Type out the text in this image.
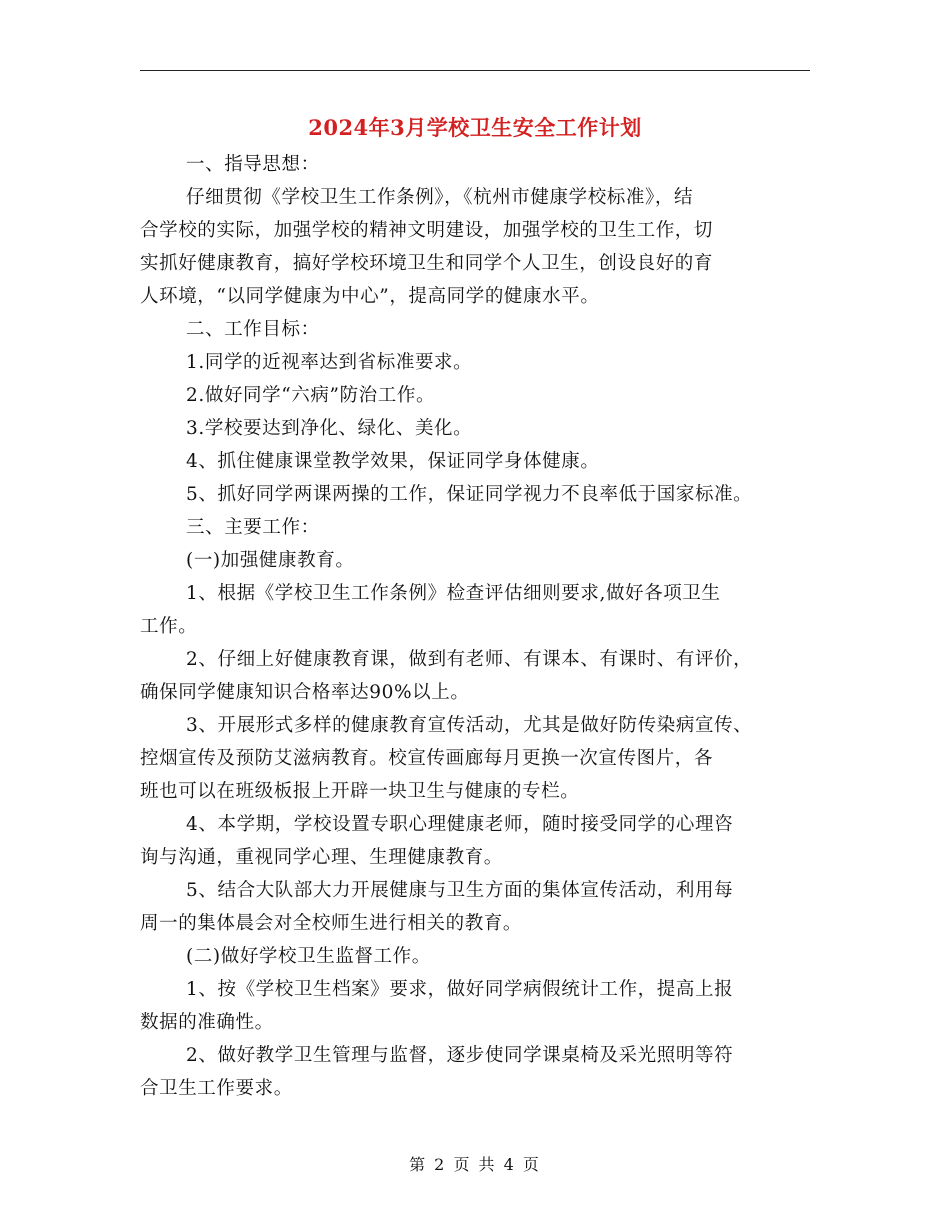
2024年3月学校卫生安全工作计划
一、指导思想：
仔细贯彻《学校卫生工作条例》，《杭州市健康学校标准》，结
合学校的实际，加强学校的精神文明建设，加强学校的卫生工作，切
实抓好健康教育，搞好学校环境卫生和同学个人卫生，创设良好的育
人环境，“以同学健康为中心”，提高同学的健康水平。
二、工作目标：
1.同学的近视率达到省标准要求。
2.做好同学“六病”防治工作。
3.学校要达到净化、绿化、美化。
4、抓住健康课堂教学效果，保证同学身体健康。
5、抓好同学两课两操的工作，保证同学视力不良率低于国家标准。
三、主要工作：
(一)加强健康教育。
1、根据《学校卫生工作条例》检查评估细则要求,做好各项卫生
工作。
2、仔细上好健康教育课，做到有老师、有课本、有课时、有评价，
确保同学健康知识合格率达90%以上。
3、开展形式多样的健康教育宣传活动，尤其是做好防传染病宣传、
控烟宣传及预防艾滋病教育。校宣传画廊每月更换一次宣传图片，各
班也可以在班级板报上开辟一块卫生与健康的专栏。
4、本学期，学校设置专职心理健康老师，随时接受同学的心理咨
询与沟通，重视同学心理、生理健康教育。
5、结合大队部大力开展健康与卫生方面的集体宣传活动，利用每
周一的集体晨会对全校师生进行相关的教育。
(二)做好学校卫生监督工作。
1、按《学校卫生档案》要求，做好同学病假统计工作，提高上报
数据的准确性。
2、做好教学卫生管理与监督，逐步使同学课桌椅及采光照明等符
合卫生工作要求。
第 2 页 共 4 页
